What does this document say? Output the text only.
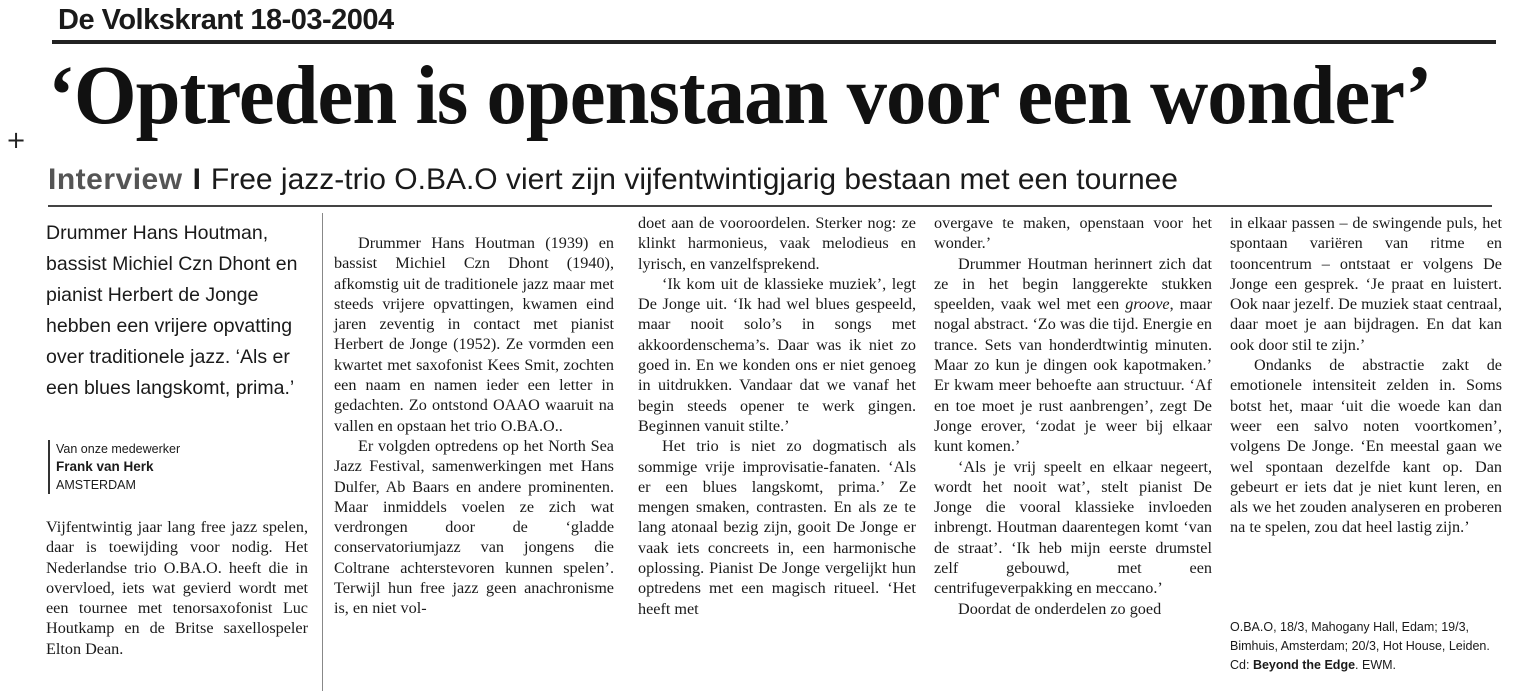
De Volkskrant 18-03-2004
+ ‘Optreden is openstaan voor een wonder’
Interview I Free jazz-trio O.BA.O viert zijn vijfentwintigjarig bestaan met een tournee
Drummer Hans Houtman, bassist Michiel Czn Dhont en pianist Herbert de Jonge hebben een vrijere opvatting over traditionele jazz. ‘Als er een blues langskomt, prima.’
Van onze medewerker
Frank van Herk
AMSTERDAM

Vijfentwintig jaar lang free jazz spelen, daar is toewijding voor nodig. Het Nederlandse trio O.BA.O. heeft die in overvloed, iets wat gevierd wordt met een tournee met tenorsaxofonist Luc Houtkamp en de Britse saxellospeler Elton Dean.

Drummer Hans Houtman (1939) en bassist Michiel Czn Dhont (1940), afkomstig uit de traditionele jazz maar met steeds vrijere opvattingen, kwamen eind jaren zeventig in contact met pianist Herbert de Jonge (1952). Ze vormden een kwartet met saxofonist Kees Smit, zochten een naam en namen ieder een letter in gedachten. Zo ontstond OAAO waaruit na vallen en opstaan het trio O.BA.O..

Er volgden optredens op het North Sea Jazz Festival, samenwerkingen met Hans Dulfer, Ab Baars en andere prominenten. Maar inmiddels voelen ze zich wat verdrongen door de ‘gladde conservatoriumjazz van jongens die Coltrane achterstevoren kunnen spelen’. Terwijl hun free jazz geen anachronisme is, en niet vol-

doet aan de vooroordelen. Sterker nog: ze klinkt harmonieus, vaak melodieus en lyrisch, en vanzelfsprekend.

‘Ik kom uit de klassieke muziek’, legt De Jonge uit. ‘Ik had wel blues gespeeld, maar nooit solo’s in songs met akkoordenschema’s. Daar was ik niet zo goed in. En we konden ons er niet genoeg in uitdrukken. Vandaar dat we vanaf het begin steeds opener te werk gingen. Beginnen vanuit stilte.’

Het trio is niet zo dogmatisch als sommige vrije improvisatie-fanaten. ‘Als er een blues langskomt, prima.’ Ze mengen smaken, contrasten. En als ze te lang atonaal bezig zijn, gooit De Jonge er vaak iets concreets in, een harmonische oplossing. Pianist De Jonge vergelijkt hun optredens met een magisch ritueel. ‘Het heeft met

overgave te maken, openstaan voor het wonder.’

Drummer Houtman herinnert zich dat ze in het begin langgerekte stukken speelden, vaak wel met een groove, maar nogal abstract. ‘Zo was die tijd. Energie en trance. Sets van honderdtwintig minuten. Maar zo kun je dingen ook kapotmaken.’ Er kwam meer behoefte aan structuur. ‘Af en toe moet je rust aanbrengen’, zegt De Jonge erover, ‘zodat je weer bij elkaar kunt komen.’

‘Als je vrij speelt en elkaar negeert, wordt het nooit wat’, stelt pianist De Jonge die vooral klassieke invloeden inbrengt. Houtman daarentegen komt ‘van de straat’. ‘Ik heb mijn eerste drumstel zelf gebouwd, met een centrifugeverpakking en meccano.’

Doordat de onderdelen zo goed

in elkaar passen – de swingende puls, het spontaan variëren van ritme en tooncentrum – ontstaat er volgens De Jonge een gesprek. ‘Je praat en luistert. Ook naar jezelf. De muziek staat centraal, daar moet je aan bijdragen. En dat kan ook door stil te zijn.’

Ondanks de abstractie zakt de emotionele intensiteit zelden in. Soms botst het, maar ‘uit die woede kan dan weer een salvo noten voortkomen’, volgens De Jonge. ‘En meestal gaan we wel spontaan dezelfde kant op. Dan gebeurt er iets dat je niet kunt leren, en als we het zouden analyseren en proberen na te spelen, zou dat heel lastig zijn.’

O.BA.O, 18/3, Mahogany Hall, Edam; 19/3, Bimhuis, Amsterdam; 20/3, Hot House, Leiden. Cd: Beyond the Edge. EWM.
